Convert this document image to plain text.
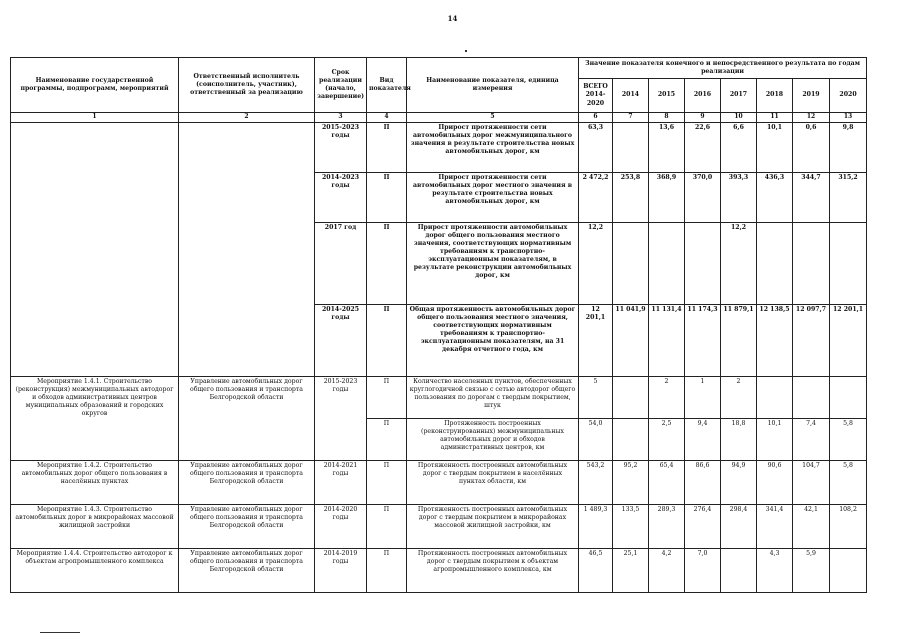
14
Наименование государственной программы, подпрограмм, мероприятий	Ответственный исполнитель (соисполнитель, участник), ответственный за реализацию	Срок реализации (начало, завершение)	Вид показателя	Наименование показателя, единица измерения	Значение показателя конечного и непосредственного результата по годам реализации							
					ВСЕГО 2014-2020	2014	2015	2016	2017	2018	2019	2020
1	2	3	4	5	6	7	8	9	10	11	12	13
		2015-2023 годы	П	Прирост протяженности сети автомобильных дорог межмуниципального значения в результате строительства новых автомобильных дорог, км	63,3		13,6	22,6	6,6	10,1	0,6	9,8
		2014-2023 годы	П	Прирост протяженности сети автомобильных дорог местного значения в результате строительства новых автомобильных дорог, км	2 472,2	253,8	368,9	370,0	393,3	436,3	344,7	315,2
		2017 год	П	Прирост протяженности автомобильных дорог общего пользования местного значения, соответствующих нормативным требованиям к транспортно-эксплуатационным показателям, в результате реконструкции автомобильных дорог, км	12,2				12,2			
		2014-2025 годы	П	Общая протяженность автомобильных дорог общего пользования местного значения, соответствующих нормативным требованиям к транспортно-эксплуатационным показателям, на 31 декабря отчетного года, км	12 201,1	11 041,9	11 131,4	11 174,3	11 879,1	12 138,5	12 097,7	12 201,1
Мероприятие 1.4.1. Строительство (реконструкция) межмуниципальных автодорог и обходов административных центров муниципальных образований и городских округов	Управление автомобильных дорог общего пользования и транспорта Белгородской области	2015-2023 годы	П	Количество населенных пунктов, обеспеченных круглогодичной связью с сетью автодорог общего пользования по дорогам с твердым покрытием, штук	5		2	1	2			
			П	Протяженность построенных (реконструированных) межмуниципальных автомобильных дорог и обходов административных центров, км	54,0		2,5	9,4	18,8	10,1	7,4	5,8
Мероприятие 1.4.2. Строительство автомобильных дорог общего пользования в населённых пунктах	Управление автомобильных дорог общего пользования и транспорта Белгородской области	2014-2021 годы	П	Протяженность построенных автомобильных дорог с твердым покрытием в населённых пунктах области, км	543,2	95,2	65,4	86,6	94,9	90,6	104,7	5,8
Мероприятие 1.4.3. Строительство автомобильных дорог в микрорайонах массовой жилищной застройки	Управление автомобильных дорог общего пользования и транспорта Белгородской области	2014-2020 годы	П	Протяженность построенных автомобильных дорог с твердым покрытием в микрорайонах массовой жилищной застройки, км	1 489,3	133,5	289,3	276,4	298,4	341,4	42,1	108,2
Мероприятие 1.4.4. Строительство автодорог к объектам агропромышленного комплекса	Управление автомобильных дорог общего пользования и транспорта Белгородской области	2014-2019 годы	П	Протяженность построенных автомобильных дорог с твердым покрытием к объектам агропромышленного комплекса, км	46,5	25,1	4,2	7,0		4,3	5,9	
